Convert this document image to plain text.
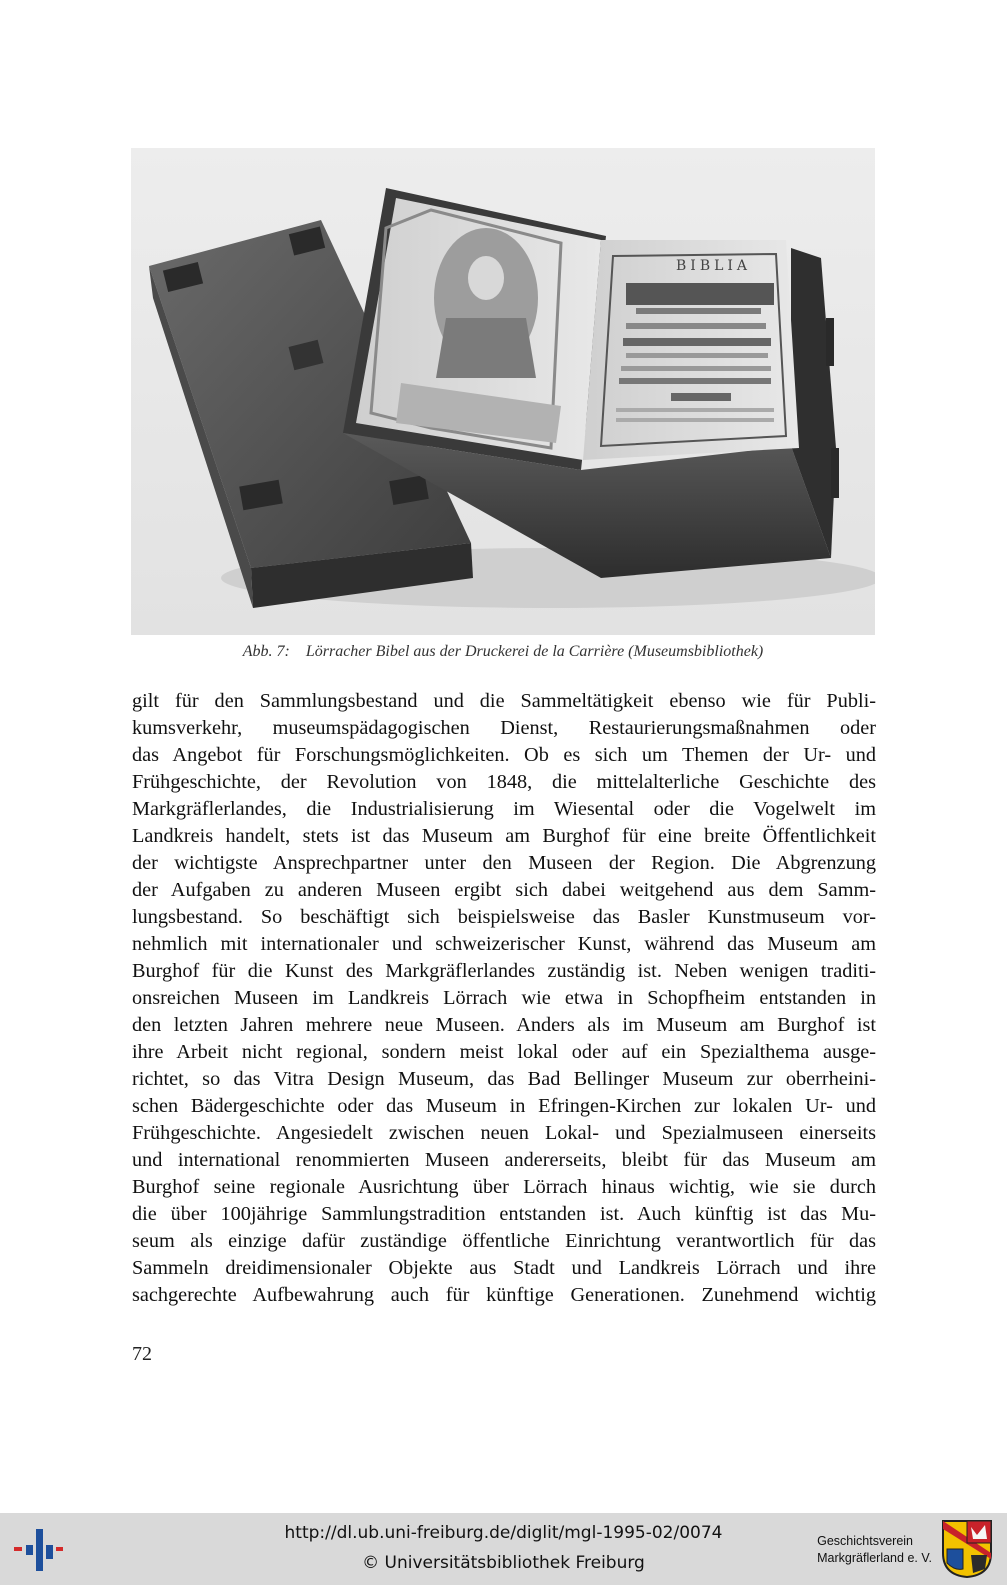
BIBLIA
Abb. 7: Lörracher Bibel aus der Druckerei de la Carrière (Museumsbibliothek)
gilt für den Sammlungsbestand und die Sammeltätigkeit ebenso wie für Publi-
kumsverkehr, museumspädagogischen Dienst, Restaurierungsmaßnahmen oder
das Angebot für Forschungsmöglichkeiten. Ob es sich um Themen der Ur- und
Frühgeschichte, der Revolution von 1848, die mittelalterliche Geschichte des
Markgräflerlandes, die Industrialisierung im Wiesental oder die Vogelwelt im
Landkreis handelt, stets ist das Museum am Burghof für eine breite Öffentlichkeit
der wichtigste Ansprechpartner unter den Museen der Region. Die Abgrenzung
der Aufgaben zu anderen Museen ergibt sich dabei weitgehend aus dem Samm-
lungsbestand. So beschäftigt sich beispielsweise das Basler Kunstmuseum vor-
nehmlich mit internationaler und schweizerischer Kunst, während das Museum am
Burghof für die Kunst des Markgräflerlandes zuständig ist. Neben wenigen traditi-
onsreichen Museen im Landkreis Lörrach wie etwa in Schopfheim entstanden in
den letzten Jahren mehrere neue Museen. Anders als im Museum am Burghof ist
ihre Arbeit nicht regional, sondern meist lokal oder auf ein Spezialthema ausge-
richtet, so das Vitra Design Museum, das Bad Bellinger Museum zur oberrheini-
schen Bädergeschichte oder das Museum in Efringen-Kirchen zur lokalen Ur- und
Frühgeschichte. Angesiedelt zwischen neuen Lokal- und Spezialmuseen einerseits
und international renommierten Museen andererseits, bleibt für das Museum am
Burghof seine regionale Ausrichtung über Lörrach hinaus wichtig, wie sie durch
die über 100jährige Sammlungstradition entstanden ist. Auch künftig ist das Mu-
seum als einzige dafür zuständige öffentliche Einrichtung verantwortlich für das
Sammeln dreidimensionaler Objekte aus Stadt und Landkreis Lörrach und ihre
sachgerechte Aufbewahrung auch für künftige Generationen. Zunehmend wichtig
72
http://dl.ub.uni-freiburg.de/diglit/mgl-1995-02/0074
© Universitätsbibliothek Freiburg
Geschichtsverein
Markgräflerland e. V.
